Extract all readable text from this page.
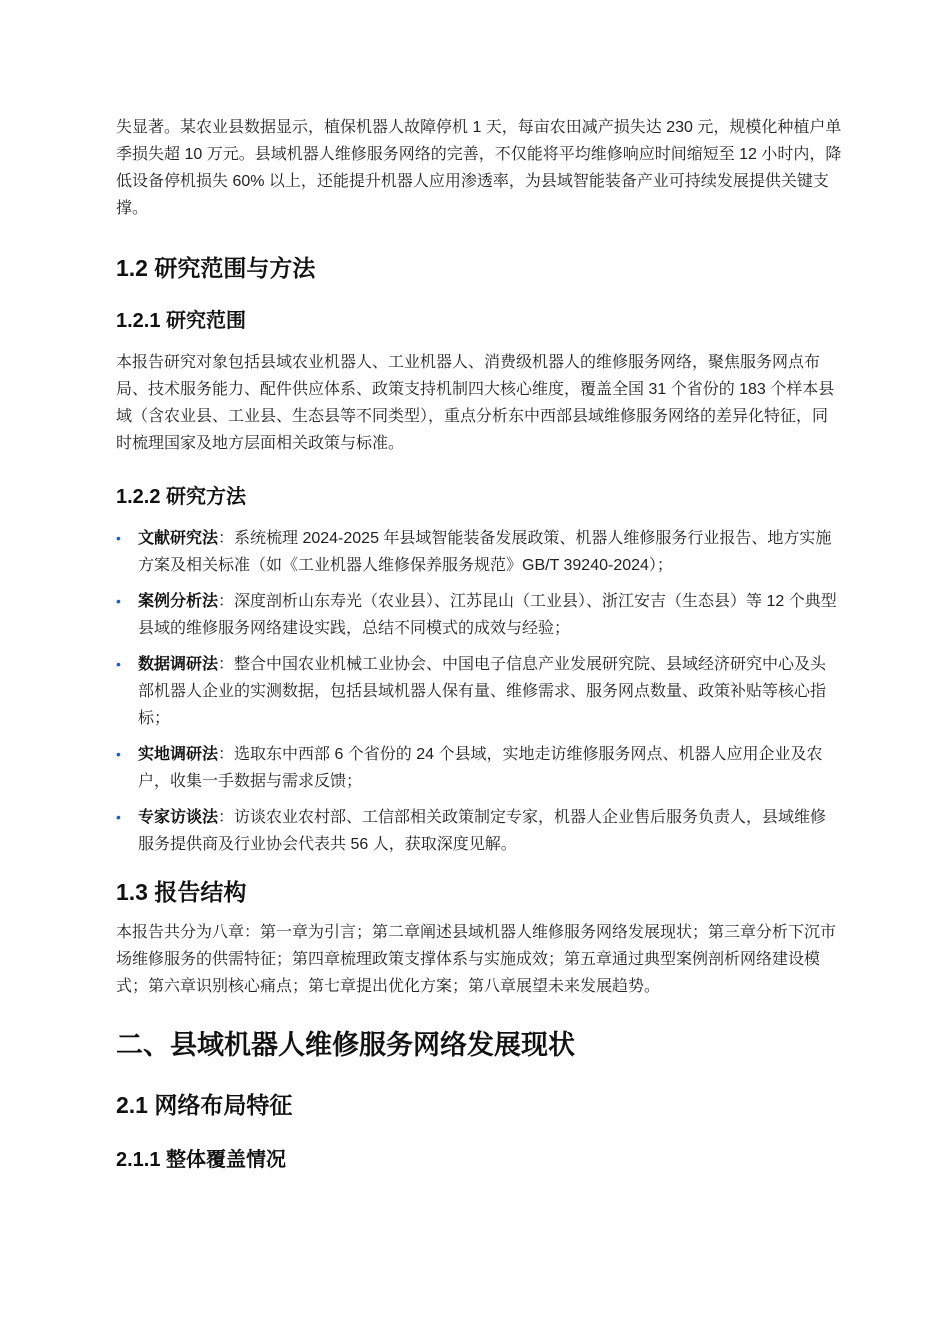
失显著。某农业县数据显示，植保机器人故障停机 1 天，每亩农田减产损失达 230 元，规模化种植户单季损失超 10 万元。县域机器人维修服务网络的完善，不仅能将平均维修响应时间缩短至 12 小时内，降低设备停机损失 60% 以上，还能提升机器人应用渗透率，为县域智能装备产业可持续发展提供关键支撑。

1.2 研究范围与方法
1.2.1 研究范围

本报告研究对象包括县域农业机器人、工业机器人、消费级机器人的维修服务网络，聚焦服务网点布局、技术服务能力、配件供应体系、政策支持机制四大核心维度，覆盖全国 31 个省份的 183 个样本县域（含农业县、工业县、生态县等不同类型），重点分析东中西部县域维修服务网络的差异化特征，同时梳理国家及地方层面相关政策与标准。

1.2.2 研究方法
• 文献研究法：系统梳理 2024-2025 年县域智能装备发展政策、机器人维修服务行业报告、地方实施方案及相关标准（如《工业机器人维修保养服务规范》GB/T 39240-2024）；
• 案例分析法：深度剖析山东寿光（农业县）、江苏昆山（工业县）、浙江安吉（生态县）等 12 个典型县域的维修服务网络建设实践，总结不同模式的成效与经验；
• 数据调研法：整合中国农业机械工业协会、中国电子信息产业发展研究院、县域经济研究中心及头部机器人企业的实测数据，包括县域机器人保有量、维修需求、服务网点数量、政策补贴等核心指标；
• 实地调研法：选取东中西部 6 个省份的 24 个县域，实地走访维修服务网点、机器人应用企业及农户，收集一手数据与需求反馈；
• 专家访谈法：访谈农业农村部、工信部相关政策制定专家，机器人企业售后服务负责人，县域维修服务提供商及行业协会代表共 56 人，获取深度见解。
1.3 报告结构

本报告共分为八章：第一章为引言；第二章阐述县域机器人维修服务网络发展现状；第三章分析下沉市场维修服务的供需特征；第四章梳理政策支撑体系与实施成效；第五章通过典型案例剖析网络建设模式；第六章识别核心痛点；第七章提出优化方案；第八章展望未来发展趋势。

二、县域机器人维修服务网络发展现状
2.1 网络布局特征
2.1.1 整体覆盖情况
